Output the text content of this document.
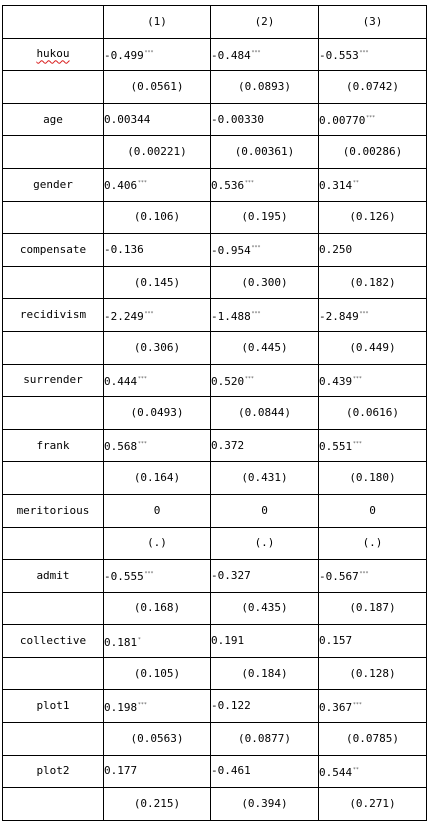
	(1)	(2)	(3)
hukou	-0.499***	-0.484***	-0.553***
	(0.0561)	(0.0893)	(0.0742)
age	0.00344	-0.00330	0.00770***
	(0.00221)	(0.00361)	(0.00286)
gender	0.406***	0.536***	0.314**
	(0.106)	(0.195)	(0.126)
compensate	-0.136	-0.954***	0.250
	(0.145)	(0.300)	(0.182)
recidivism	-2.249***	-1.488***	-2.849***
	(0.306)	(0.445)	(0.449)
surrender	0.444***	0.520***	0.439***
	(0.0493)	(0.0844)	(0.0616)
frank	0.568***	0.372	0.551***
	(0.164)	(0.431)	(0.180)
meritorious	0	0	0
	(.)	(.)	(.)
admit	-0.555***	-0.327	-0.567***
	(0.168)	(0.435)	(0.187)
collective	0.181*	0.191	0.157
	(0.105)	(0.184)	(0.128)
plot1	0.198***	-0.122	0.367***
	(0.0563)	(0.0877)	(0.0785)
plot2	0.177	-0.461	0.544**
	(0.215)	(0.394)	(0.271)
